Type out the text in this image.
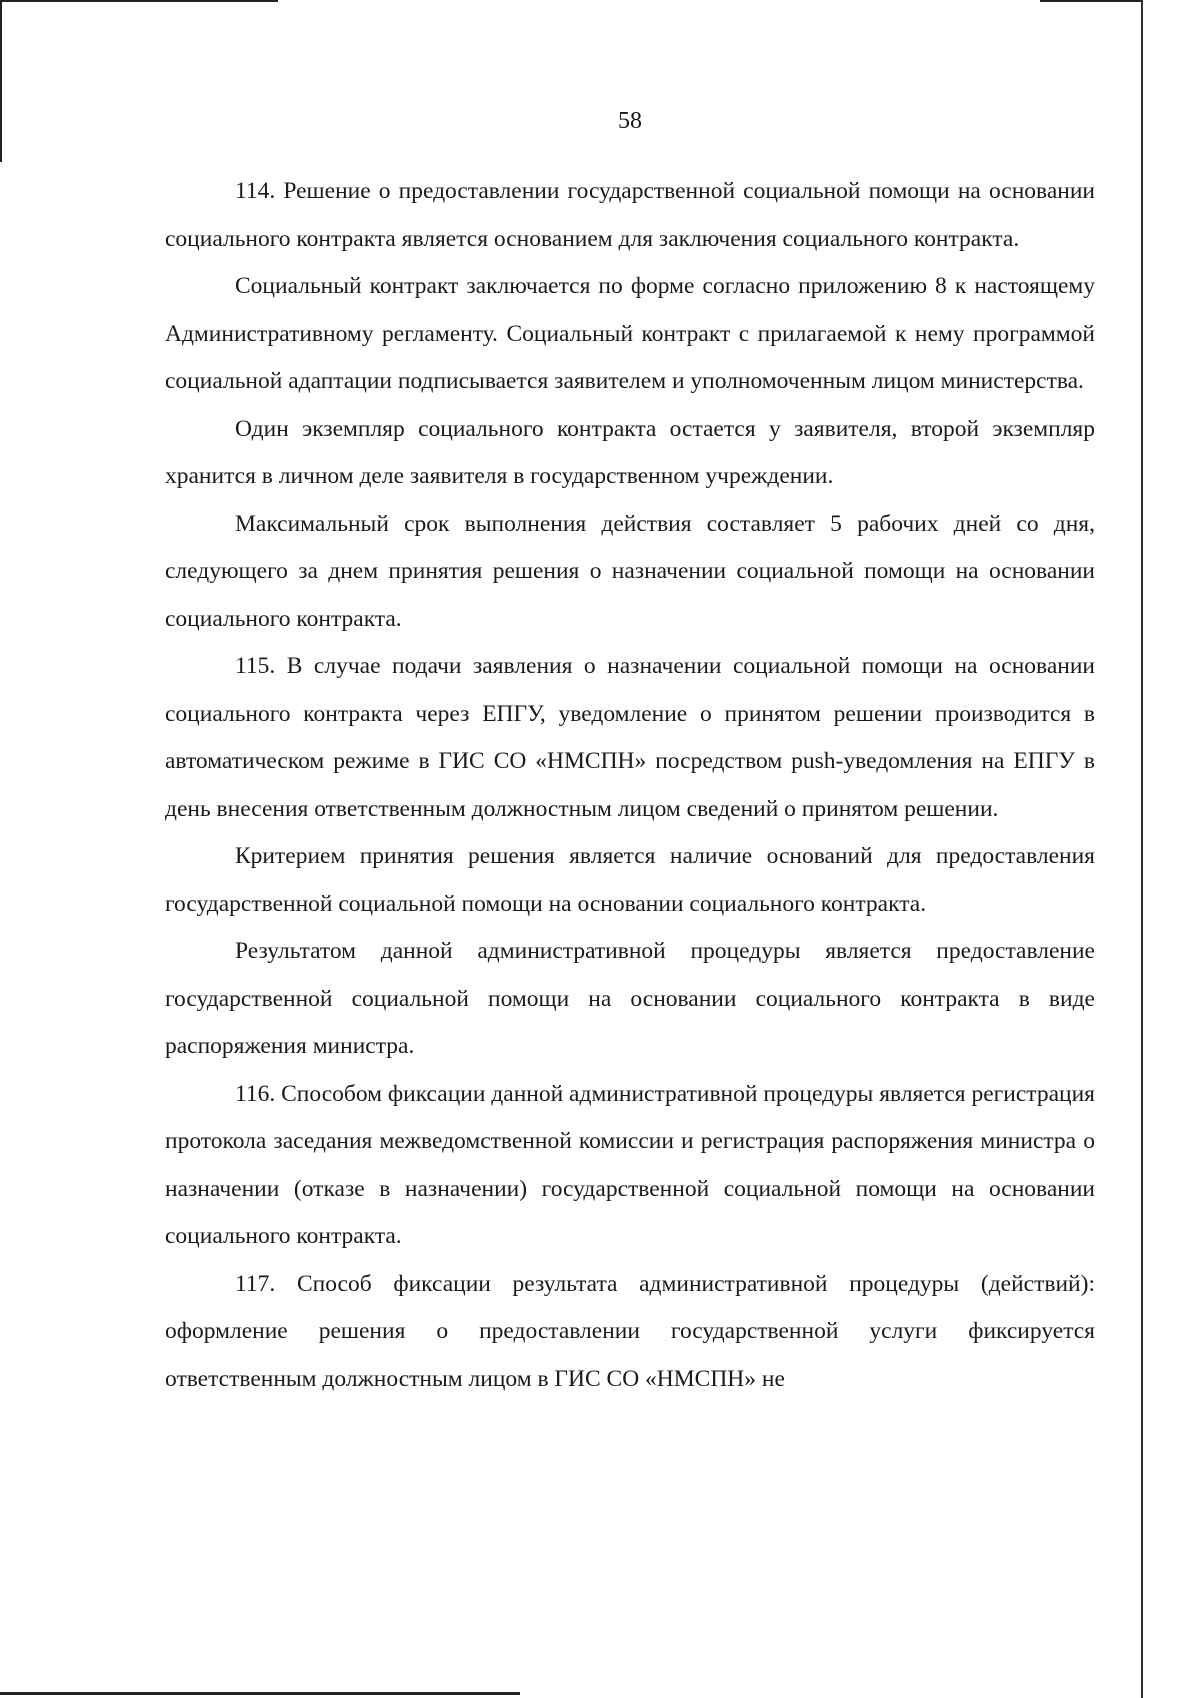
58

114. Решение о предоставлении государственной социальной помощи на основании социального контракта является основанием для заключения социального контракта.

Социальный контракт заключается по форме согласно приложению 8 к настоящему Административному регламенту. Социальный контракт с прилагаемой к нему программой социальной адаптации подписывается заявителем и уполномоченным лицом министерства.

Один экземпляр социального контракта остается у заявителя, второй экземпляр хранится в личном деле заявителя в государственном учреждении.

Максимальный срок выполнения действия составляет 5 рабочих дней со дня, следующего за днем принятия решения о назначении социальной помощи на основании социального контракта.

115. В случае подачи заявления о назначении социальной помощи на основании социального контракта через ЕПГУ, уведомление о принятом решении производится в автоматическом режиме в ГИС СО «НМСПН» посредством push-уведомления на ЕПГУ в день внесения ответственным должностным лицом сведений о принятом решении.

Критерием принятия решения является наличие оснований для предоставления государственной социальной помощи на основании социального контракта.

Результатом данной административной процедуры является предоставление государственной социальной помощи на основании социального контракта в виде распоряжения министра.

116. Способом фиксации данной административной процедуры является регистрация протокола заседания межведомственной комиссии и регистрация распоряжения министра о назначении (отказе в назначении) государственной социальной помощи на основании социального контракта.

117. Способ фиксации результата административной процедуры (действий): оформление решения о предоставлении государственной услуги фиксируется ответственным должностным лицом в ГИС СО «НМСПН» не
